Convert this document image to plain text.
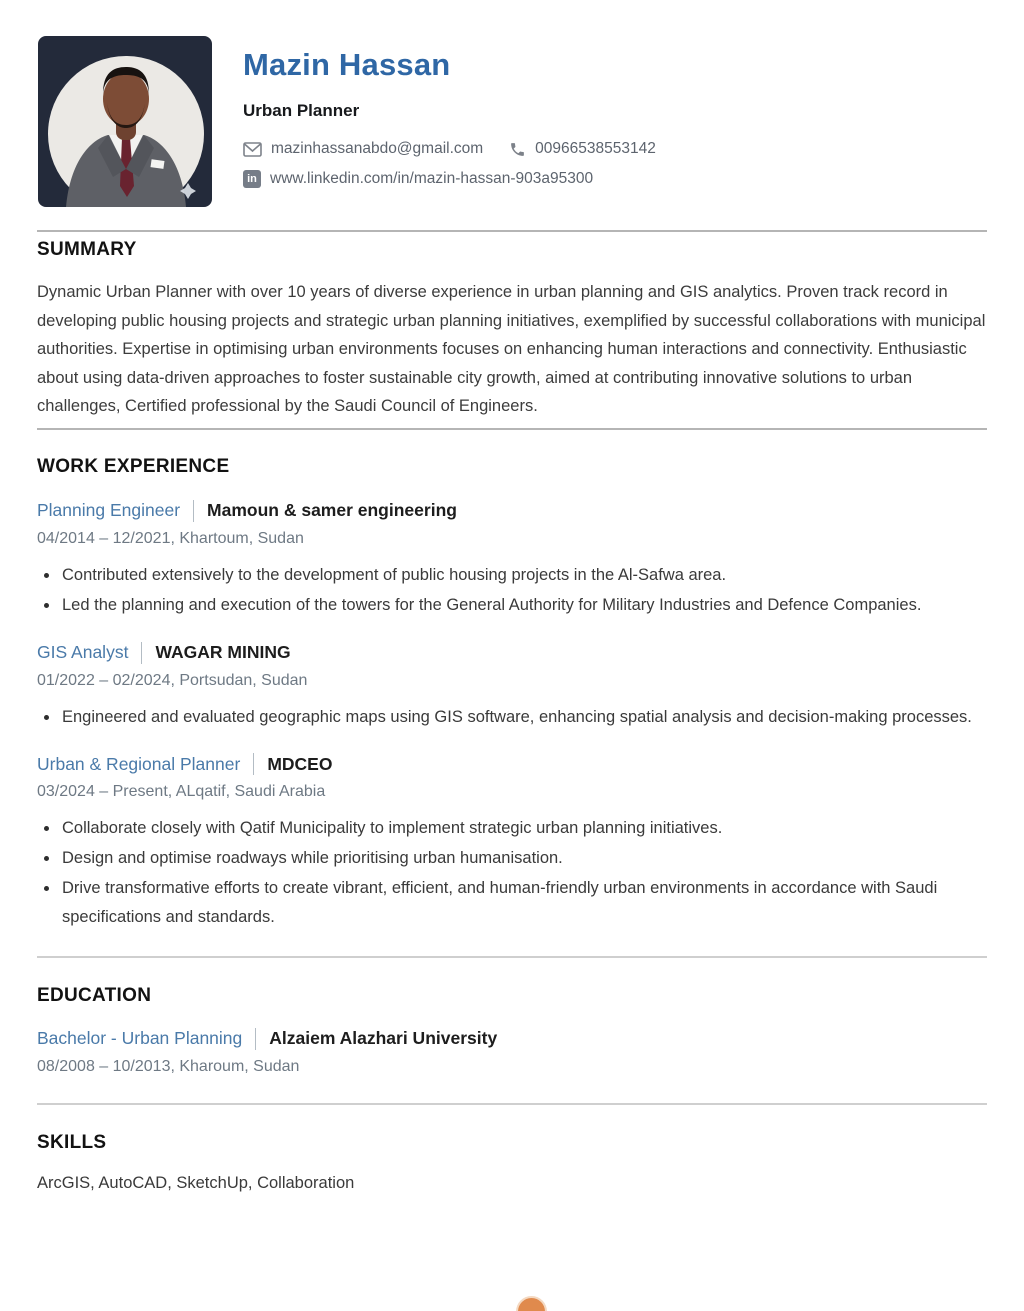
Mazin Hassan
Urban Planner
mazinhassanabdo@gmail.com	00966538553142
in www.linkedin.com/in/mazin-hassan-903a95300
SUMMARY

Dynamic Urban Planner with over 10 years of diverse experience in urban planning and GIS analytics. Proven track record in developing public housing projects and strategic urban planning initiatives, exemplified by successful collaborations with municipal authorities. Expertise in optimising urban environments focuses on enhancing human interactions and connectivity. Enthusiastic about using data-driven approaches to foster sustainable city growth, aimed at contributing innovative solutions to urban challenges, Certified professional by the Saudi Council of Engineers.

WORK EXPERIENCE
Planning Engineer Mamoun & samer engineering
04/2014 – 12/2021, Khartoum, Sudan
Contributed extensively to the development of public housing projects in the Al-Safwa area.
Led the planning and execution of the towers for the General Authority for Military Industries and Defence Companies.
GIS Analyst WAGAR MINING
01/2022 – 02/2024, Portsudan, Sudan
Engineered and evaluated geographic maps using GIS software, enhancing spatial analysis and decision-making processes.
Urban & Regional Planner MDCEO
03/2024 – Present, ALqatif, Saudi Arabia
Collaborate closely with Qatif Municipality to implement strategic urban planning initiatives.
Design and optimise roadways while prioritising urban humanisation.
Drive transformative efforts to create vibrant, efficient, and human-friendly urban environments in accordance with Saudi specifications and standards.
EDUCATION
Bachelor - Urban Planning Alzaiem Alazhari University
08/2008 – 10/2013, Kharoum, Sudan
SKILLS
ArcGIS, AutoCAD, SketchUp, Collaboration
